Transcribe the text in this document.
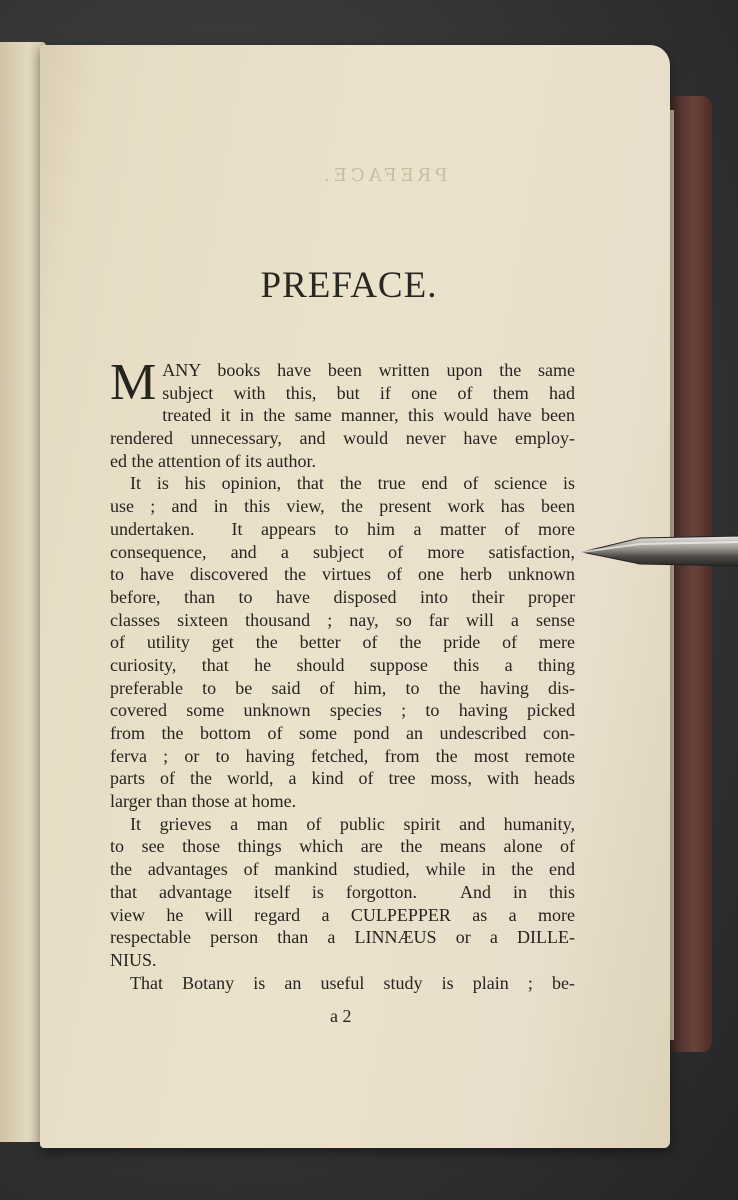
PREFACE.
PREFACE.
M ANY books have been written upon the same
subject with this, but if one of them had
treated it in the same manner, this would have been
rendered unnecessary, and would never have employ-
ed the attention of its author.
It is his opinion, that the true end of science is
use ; and in this view, the present work has been
undertaken.  It appears to him a matter of more
consequence, and a subject of more satisfaction,
to have discovered the virtues of one herb unknown
before, than to have disposed into their proper
classes sixteen thousand ; nay, so far will a sense
of utility get the better of the pride of mere
curiosity, that he should suppose this a thing
preferable to be said of him, to the having dis-
covered some unknown species ; to having picked
from the bottom of some pond an undescribed con-
ferva ; or to having fetched, from the most remote
parts of the world, a kind of tree moss, with heads
larger than those at home.
It grieves a man of public spirit and humanity,
to see those things which are the means alone of
the advantages of mankind studied, while in the end
that advantage itself is forgotton.  And in this
view he will regard a CULPEPPER as a more
respectable person than a LINNÆUS or a DILLE-
NIUS.
That Botany is an useful study is plain ; be-
a 2
